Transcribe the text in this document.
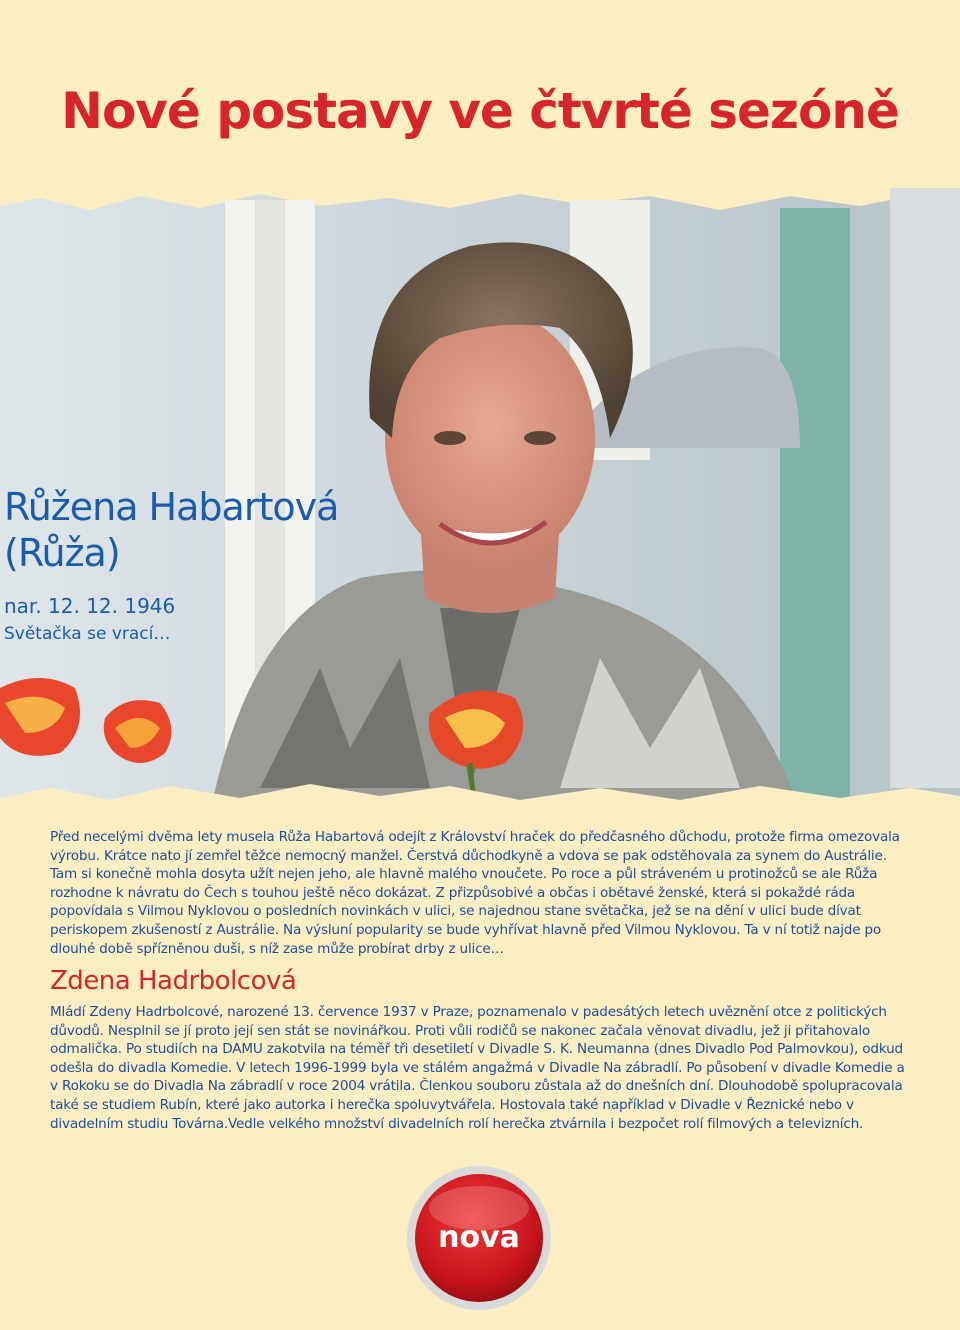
Nové postavy ve čtvrté sezóně
Růžena Habartová
(Růža)
nar. 12. 12. 1946
Světačka se vrací…

Před necelými dvěma lety musela Růža Habartová odejít z Království hraček do předčasného důchodu, protože firma omezovala výrobu. Krátce nato jí zemřel těžce nemocný manžel. Čerstvá důchodkyně a vdova se pak odstěhovala za synem do Austrálie. Tam si konečně mohla dosyta užít nejen jeho, ale hlavně malého vnoučete. Po roce a půl stráveném u protinožců se ale Růža rozhodne k návratu do Čech s touhou ještě něco dokázat. Z přizpůsobivé a občas i obětavé ženské, která si pokaždé ráda popovídala s Vilmou Nyklovou o posledních novinkách v ulici, se najednou stane světačka, jež se na dění v ulici bude dívat periskopem zkušeností z Austrálie. Na výsluní popularity se bude vyhřívat hlavně před Vilmou Nyklovou. Ta v ní totiž najde po dlouhé době spřízněnou duši, s níž zase může probírat drby z ulice…

Zdena Hadrbolcová

Mládí Zdeny Hadrbolcové, narozené 13. července 1937 v Praze, poznamenalo v padesátých letech uvěznění otce z politických důvodů. Nesplnil se jí proto její sen stát se novinářkou. Proti vůli rodičů se nakonec začala věnovat divadlu, jež ji přitahovalo odmalička. Po studiích na DAMU zakotvila na téměř tři desetiletí v Divadle S. K. Neumanna (dnes Divadlo Pod Palmovkou), odkud odešla do divadla Komedie. V letech 1996-1999 byla ve stálém angažmá v Divadle Na zábradlí. Po působení v divadle Komedie a v Rokoku se do Divadla Na zábradlí v roce 2004 vrátila. Členkou souboru zůstala až do dnešních dní. Dlouhodobě spolupracovala také se studiem Rubín, které jako autorka i herečka spoluvytvářela. Hostovala také například v Divadle v Řeznické nebo v divadelním studiu Továrna.Vedle velkého množství divadelních rolí herečka ztvárnila i bezpočet rolí filmových a televizních.

nova
